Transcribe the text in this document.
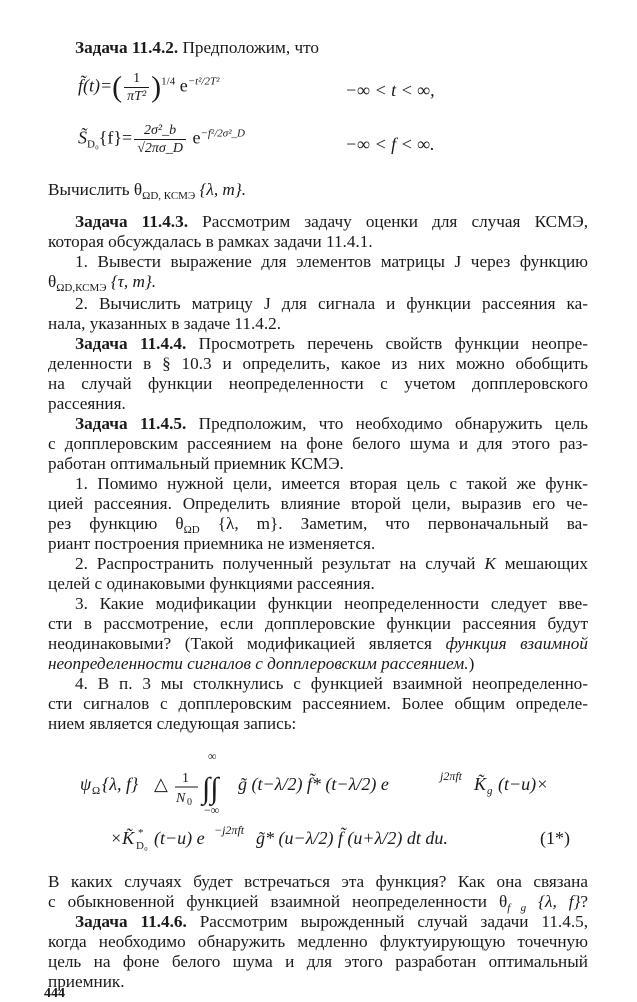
Задача 11.4.2. Предположим, что
f̃(t)=( $\frac{1}{\text{πT²}} )^{1/4}$ $e^{-t^2/2T^2}$	−∞ < t < ∞,
$S̃_{D_0}\{f\}= \frac{\text{2σ²\_b}}{√2\pi\sigma\_D} e^{-f^2/2\sigma^2\_D}$
−∞ < f < ∞.
Вычислить $\theta_{\Omega D, КСМЭ}$ {λ, m}.
Задача 11.4.3. Рассмотрим задачу оценки для случая КСМЭ,
которая обсуждалась в рамках задачи 11.4.1.
1. Вывести выражение для элементов матрицы J через функцию
$\theta_{\Omega D,КСМЭ}$ {τ, m}.
2. Вычислить матрицу J для сигнала и функции рассеяния ка-
нала, указанных в задаче 11.4.2.
Задача 11.4.4. Просмотреть перечень свойств функции неопре-
деленности в § 10.3 и определить, какое из них можно обобщить
на случай функции неопределенности с учетом допплеровского
рассеяния.
Задача 11.4.5. Предположим, что необходимо обнаружить цель
с допплеровским рассеянием на фоне белого шума и для этого раз-
работан оптимальный приемник КСМЭ.
1. Помимо нужной цели, имеется вторая цель с такой же функ-
цией рассеяния. Определить влияние второй цели, выразив его че-
рез функцию $\theta_{\Omega D}$ {λ, m}. Заметим, что первоначальный ва-
риант построения приемника не изменяется.
2. Распространить полученный результат на случай K мешающих
целей с одинаковыми функциями рассеяния.
3. Какие модификации функции неопределенности следует вве-
сти в рассмотрение, если допплеровские функции рассеяния будут
неодинаковыми? (Такой модификацией является функция взаимной
неопределенности сигналов с допплеровским рассеянием.)
4. В п. 3 мы столкнулись с функцией взаимной неопределенно-
сти сигналов с допплеровским рассеянием. Более общим определе-
нием является следующая запись:
ψ Ω {λ, f} △ 1
N 0
∞
∫∫
−∞
g̃ (t−λ/2) f̃* (t−λ/2) e	j2πft K̃ g (t−u)×
×K̃ *
D₀ (t−u) e −j2πft g̃* (u−λ/2) f̃ (u+λ/2) dt du.	(1*)
В каких случаях будет встречаться эта функция? Как она связана
с обыкновенной функцией взаимной неопределенности $\theta_{f g}$ {λ, f}?
Задача 11.4.6. Рассмотрим вырожденный случай задачи 11.4.5,
когда необходимо обнаружить медленно флуктуирующую точечную
цель на фоне белого шума и для этого разработан оптимальный
приемник.
444
